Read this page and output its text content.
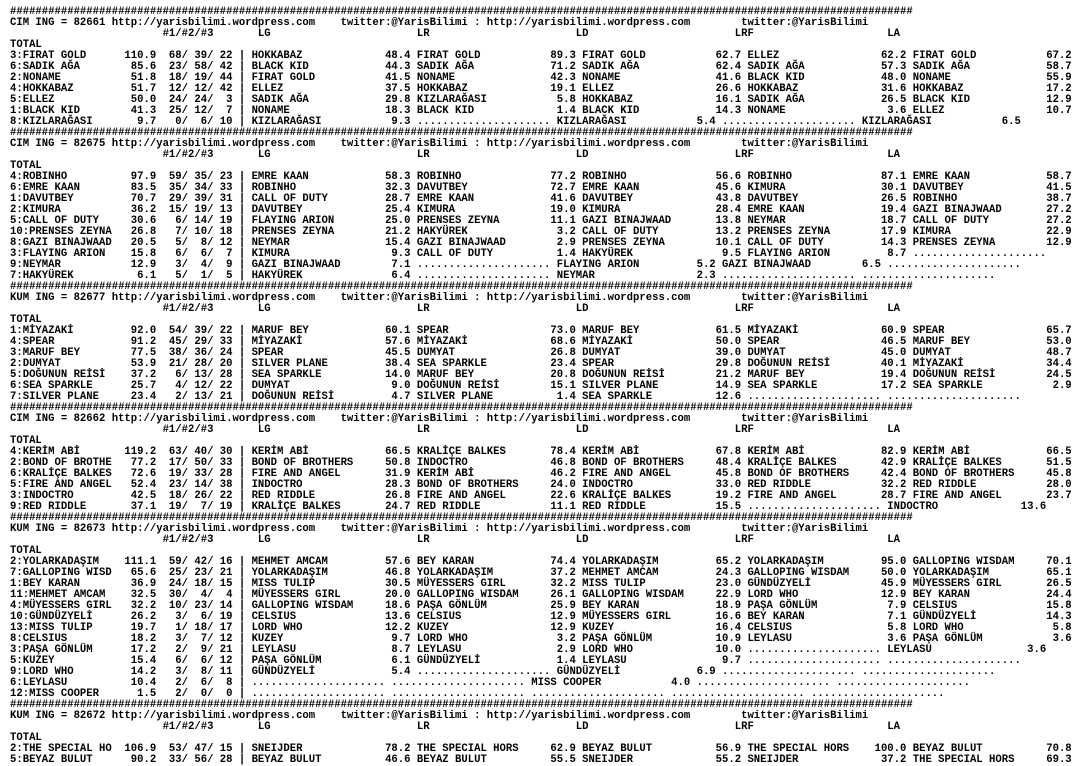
##############################################################################################################################################
CIM ING = 82661 http://yarisbilimi.wordpress.com    twitter:@YarisBilimi : http://yarisbilimi.wordpress.com        twitter:@YarisBilimi
#1/#2/#3       LG                       LR                       LD                       LRF                     LA
TOTAL
3:FIRAT GOLD      110.9  68/ 39/ 22 | HOKKABAZ             48.4 FIRAT GOLD           89.3 FIRAT GOLD           62.7 ELLEZ                62.2 FIRAT GOLD           67.2
6:SADIK AĞA        85.6  23/ 58/ 42 | BLACK KID            44.3 SADIK AĞA            71.2 SADIK AĞA            62.4 SADIK AĞA            57.3 SADIK AĞA            58.7
2:NONAME           51.8  18/ 19/ 44 | FIRAT GOLD           41.5 NONAME               42.3 NONAME               41.6 BLACK KID            48.0 NONAME               55.9
4:HOKKABAZ         51.7  12/ 12/ 42 | ELLEZ                37.5 HOKKABAZ             19.1 ELLEZ                26.6 HOKKABAZ             31.6 HOKKABAZ             17.2
5:ELLEZ            50.0  24/ 24/  3 | SADIK AĞA            29.8 KIZLARAĞASI           5.8 HOKKABAZ             16.1 SADIK AĞA            26.5 BLACK KID            12.9
1:BLACK KID        41.3  25/ 12/  7 | NONAME               18.3 BLACK KID             1.4 BLACK KID            14.3 NONAME                3.6 ELLEZ                10.7
8:KIZLARAĞASI       9.7   0/  6/ 10 | KIZLARAĞASI           9.3 ..................... KIZLARAĞASI           5.4 ..................... KIZLARAĞASI           6.5
##############################################################################################################################################
CIM ING = 82675 http://yarisbilimi.wordpress.com    twitter:@YarisBilimi : http://yarisbilimi.wordpress.com        twitter:@YarisBilimi
#1/#2/#3       LG                       LR                       LD                       LRF                     LA
TOTAL
4:ROBINHO          97.9  59/ 35/ 23 | EMRE KAAN            58.3 ROBINHO              77.2 ROBINHO              56.6 ROBINHO              87.1 EMRE KAAN            58.7
6:EMRE KAAN        83.5  35/ 34/ 33 | ROBINHO              32.3 DAVUTBEY             72.7 EMRE KAAN            45.6 KIMURA               30.1 DAVUTBEY             41.5
1:DAVUTBEY         70.7  29/ 39/ 31 | CALL OF DUTY         28.7 EMRE KAAN            41.6 DAVUTBEY             43.8 DAVUTBEY             26.5 ROBINHO              38.7
2:KIMURA           36.2  15/ 19/ 13 | DAVUTBEY             25.4 KIMURA               19.0 KIMURA               28.4 EMRE KAAN            19.4 GAZI BINAJWAAD       27.2
5:CALL OF DUTY     30.6   6/ 14/ 19 | FLAYING ARION        25.0 PRENSES ZEYNA        11.1 GAZI BINAJWAAD       13.8 NEYMAR               18.7 CALL OF DUTY         27.2
10:PRENSES ZEYNA   26.8   7/ 10/ 18 | PRENSES ZEYNA        21.2 HAKYÜREK              3.2 CALL OF DUTY         13.2 PRENSES ZEYNA        17.9 KIMURA               22.9
8:GAZI BINAJWAAD   20.5   5/  8/ 12 | NEYMAR               15.4 GAZI BINAJWAAD        2.9 PRENSES ZEYNA        10.1 CALL OF DUTY         14.3 PRENSES ZEYNA        12.9
3:FLAYING ARION    15.8   6/  6/  7 | KIMURA                9.3 CALL OF DUTY          1.4 HAKYÜREK              9.5 FLAYING ARION         8.7 .....................
9:NEYMAR           12.9   3/  4/  9 | GAZI BINAJWAAD        7.1 ..................... FLAYING ARION         5.2 GAZI BINAJWAAD        6.5 .....................
7:HAKYÜREK          6.1   5/  1/  5 | HAKYÜREK              6.4 ..................... NEYMAR                2.3 ..................... .....................
##############################################################################################################################################
KUM ING = 82677 http://yarisbilimi.wordpress.com    twitter:@YarisBilimi : http://yarisbilimi.wordpress.com        twitter:@YarisBilimi
#1/#2/#3       LG                       LR                       LD                       LRF                     LA
TOTAL
1:MİYAZAKİ         92.0  54/ 39/ 22 | MARUF BEY            60.1 SPEAR                73.0 MARUF BEY            61.5 MİYAZAKİ             60.9 SPEAR                65.7
4:SPEAR            91.2  45/ 29/ 33 | MİYAZAKİ             57.6 MİYAZAKİ             68.6 MİYAZAKİ             50.0 SPEAR                46.5 MARUF BEY            53.0
3:MARUF BEY        77.5  38/ 36/ 24 | SPEAR                45.5 DUMYAT               26.8 DUMYAT               39.0 DUMYAT               45.0 DUMYAT               48.7
2:DUMYAT           53.9  21/ 28/ 20 | SILVER PLANE         38.4 SEA SPARKLE          23.4 SPEAR                29.8 DOĞUNUN REİSİ        40.1 MİYAZAKİ             34.4
5:DOĞUNUN REİSİ    37.2   6/ 13/ 28 | SEA SPARKLE          14.0 MARUF BEY            20.8 DOĞUNUN REİSİ        21.2 MARUF BEY            19.4 DOĞUNUN REİSİ        24.5
6:SEA SPARKLE      25.7   4/ 12/ 22 | DUMYAT                9.0 DOĞUNUN REİSİ        15.1 SILVER PLANE         14.9 SEA SPARKLE          17.2 SEA SPARKLE           2.9
7:SILVER PLANE     23.4   2/ 13/ 21 | DOĞUNUN REİSİ         4.7 SILVER PLANE          1.4 SEA SPARKLE          12.6 ..................... .....................
##############################################################################################################################################
CIM ING = 82662 http://yarisbilimi.wordpress.com    twitter:@YarisBilimi : http://yarisbilimi.wordpress.com        twitter:@YarisBilimi
#1/#2/#3       LG                       LR                       LD                       LRF                     LA
TOTAL
4:KERİM ABİ       119.2  63/ 40/ 30 | KERİM ABİ            66.5 KRALİÇE BALKES       78.4 KERİM ABİ            67.8 KERİM ABİ            82.9 KERİM ABİ            66.5
2:BOND OF BROTHE   77.2  17/ 50/ 33 | BOND OF BROTHERS     50.8 INDOCTRO             46.8 BOND OF BROTHERS     48.4 KRALİÇE BALKES       42.9 KRALİÇE BALKES       51.5
6:KRALİÇE BALKES   72.6  19/ 33/ 28 | FIRE AND ANGEL       31.9 KERİM ABİ            46.2 FIRE AND ANGEL       45.8 BOND OF BROTHERS     42.4 BOND OF BROTHERS     45.8
5:FIRE AND ANGEL   52.4  23/ 14/ 38 | INDOCTRO             28.3 BOND OF BROTHERS     24.0 INDOCTRO             33.0 RED RIDDLE           32.2 RED RIDDLE           28.0
3:INDOCTRO         42.5  18/ 26/ 22 | RED RIDDLE           26.8 FIRE AND ANGEL       22.6 KRALİÇE BALKES       19.2 FIRE AND ANGEL       28.7 FIRE AND ANGEL       23.7
9:RED RIDDLE       37.1  19/  7/ 19 | KRALİÇE BALKES       24.7 RED RIDDLE           11.1 RED RIDDLE           15.5 ..................... INDOCTRO             13.6
##############################################################################################################################################
KUM ING = 82673 http://yarisbilimi.wordpress.com    twitter:@YarisBilimi : http://yarisbilimi.wordpress.com        twitter:@YarisBilimi
#1/#2/#3       LG                       LR                       LD                       LRF                     LA
TOTAL
2:YOLARKADAŞIM    111.1  59/ 42/ 16 | MEHMET AMCAM         57.6 BEY KARAN            74.4 YOLARKADAŞIM         65.2 YOLARKADAŞIM         95.0 GALLOPING WISDAM     70.1
7:GALLOPING WISD   65.6  25/ 23/ 21 | YOLARKADAŞIM         46.8 YOLARKADAŞIM         37.2 MEHMET AMCAM         24.3 GALLOPING WISDAM     50.0 YOLARKADAŞIM         65.1
1:BEY KARAN        36.9  24/ 18/ 15 | MISS TULIP           30.5 MÜYESSERS GIRL       32.2 MISS TULIP           23.0 GÜNDÜZYELİ           45.9 MÜYESSERS GIRL       26.5
11:MEHMET AMCAM    32.5  30/  4/  4 | MÜYESSERS GIRL       20.0 GALLOPING WISDAM     26.1 GALLOPING WISDAM     22.9 LORD WHO             12.9 BEY KARAN            24.4
4:MÜYESSERS GIRL   32.2  10/ 23/ 14 | GALLOPING WISDAM     18.6 PAŞA GÖNLÜM          25.9 BEY KARAN            18.9 PAŞA GÖNLÜM           7.9 CELSIUS              15.8
10:GÜNDÜZYELİ      26.2   3/  6/ 19 | CELSIUS              13.6 CELSIUS              12.9 MÜYESSERS GIRL       16.6 BEY KARAN             7.1 GÜNDÜZYELİ           14.3
13:MISS TULIP      19.7   1/ 18/ 17 | LORD WHO             12.2 KUZEY                12.9 KUZEY                16.4 CELSIUS               5.8 LORD WHO              5.8
8:CELSIUS          18.2   3/  7/ 12 | KUZEY                 9.7 LORD WHO              3.2 PAŞA GÖNLÜM          10.9 LEYLASU               3.6 PAŞA GÖNLÜM           3.6
3:PAŞA GÖNLÜM      17.2   2/  9/ 21 | LEYLASU               8.7 LEYLASU               2.9 LORD WHO             10.0 ..................... LEYLASU               3.6
5:KUZEY            15.4   6/  6/ 12 | PAŞA GÖNLÜM           6.1 GÜNDÜZYELİ            1.4 LEYLASU               9.7 ..................... .....................
9:LORD WHO         14.2   3/  8/ 11 | GÜNDÜZYELİ            5.4 ..................... GÜNDÜZYELİ            6.9 ..................... .....................
6:LEYLASU          10.4   2/  6/  8 | ..................... ..................... MISS COOPER           4.0 ..................... .....................
12:MISS COOPER      1.5   2/  0/  0 | ..................... ..................... ..................... ..................... .....................
##############################################################################################################################################
KUM ING = 82672 http://yarisbilimi.wordpress.com    twitter:@YarisBilimi : http://yarisbilimi.wordpress.com        twitter:@YarisBilimi
#1/#2/#3       LG                       LR                       LD                       LRF                     LA
TOTAL
2:THE SPECIAL HO  106.9  53/ 47/ 15 | SNEIJDER             78.2 THE SPECIAL HORS     62.9 BEYAZ BULUT          56.9 THE SPECIAL HORS    100.0 BEYAZ BULUT          70.8
5:BEYAZ BULUT      90.2  33/ 56/ 28 | BEYAZ BULUT          46.6 BEYAZ BULUT          55.5 SNEIJDER             55.2 SNEIJDER             37.2 THE SPECIAL HORS     69.3
